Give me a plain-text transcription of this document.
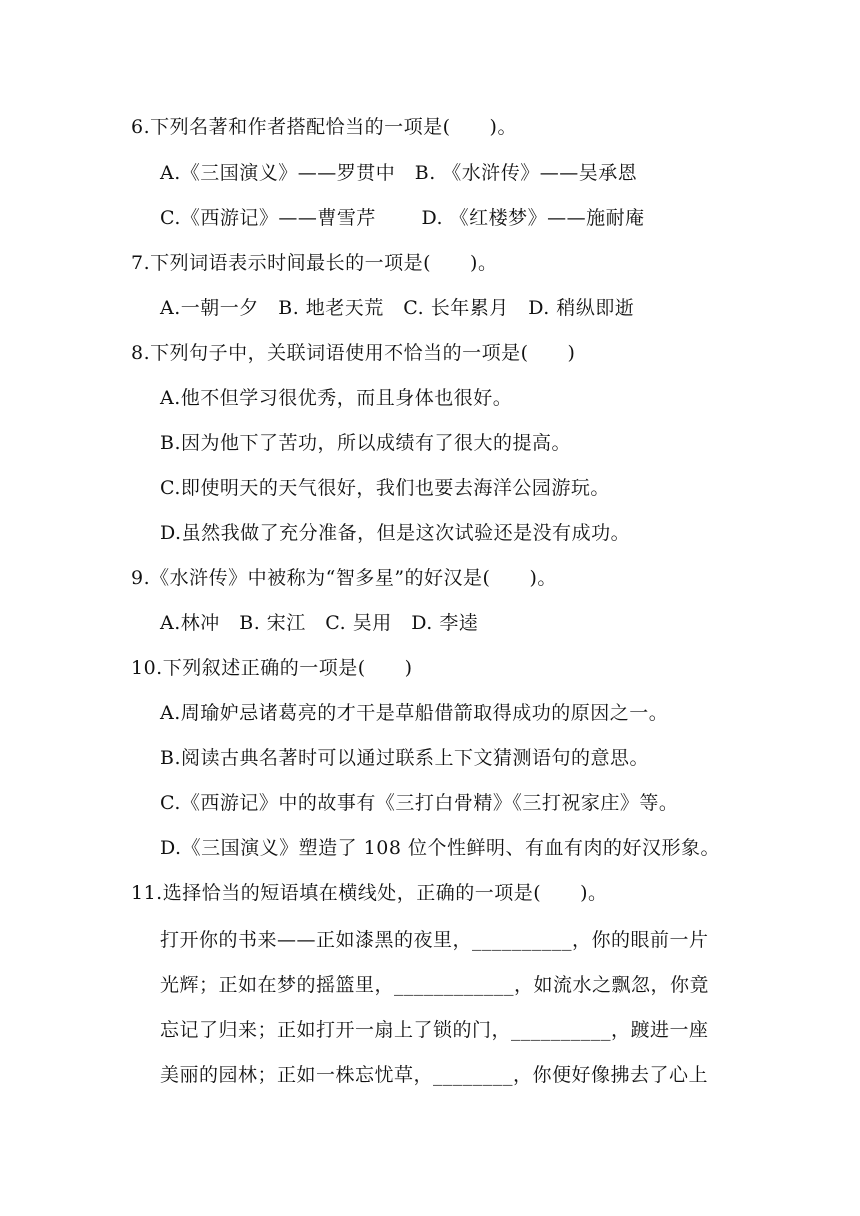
6.下列名著和作者搭配恰当的一项是(　　)。
A.《三国演义》——罗贯中　B. 《水浒传》——吴承恩
C.《西游记》——曹雪芹　　 D. 《红楼梦》——施耐庵
7.下列词语表示时间最长的一项是(　　)。
A.一朝一夕　B. 地老天荒　C. 长年累月　D. 稍纵即逝
8.下列句子中，关联词语使用不恰当的一项是(　　)
A.他不但学习很优秀，而且身体也很好。
B.因为他下了苦功，所以成绩有了很大的提高。
C.即使明天的天气很好，我们也要去海洋公园游玩。
D.虽然我做了充分准备，但是这次试验还是没有成功。
9.《水浒传》中被称为“智多星”的好汉是(　　)。
A.林冲　B. 宋江　C. 吴用　D. 李逵
10.下列叙述正确的一项是(　　)
A.周瑜妒忌诸葛亮的才干是草船借箭取得成功的原因之一。
B.阅读古典名著时可以通过联系上下文猜测语句的意思。
C.《西游记》中的故事有《三打白骨精》《三打祝家庄》等。
D.《三国演义》塑造了 108 位个性鲜明、有血有肉的好汉形象。
11.选择恰当的短语填在横线处，正确的一项是(　　)。
打开你的书来——正如漆黑的夜里，__________，你的眼前一片
光辉；正如在梦的摇篮里，____________，如流水之飘忽，你竟
忘记了归来；正如打开一扇上了锁的门，__________，踱进一座
美丽的园林；正如一株忘忧草，________，你便好像拂去了心上
